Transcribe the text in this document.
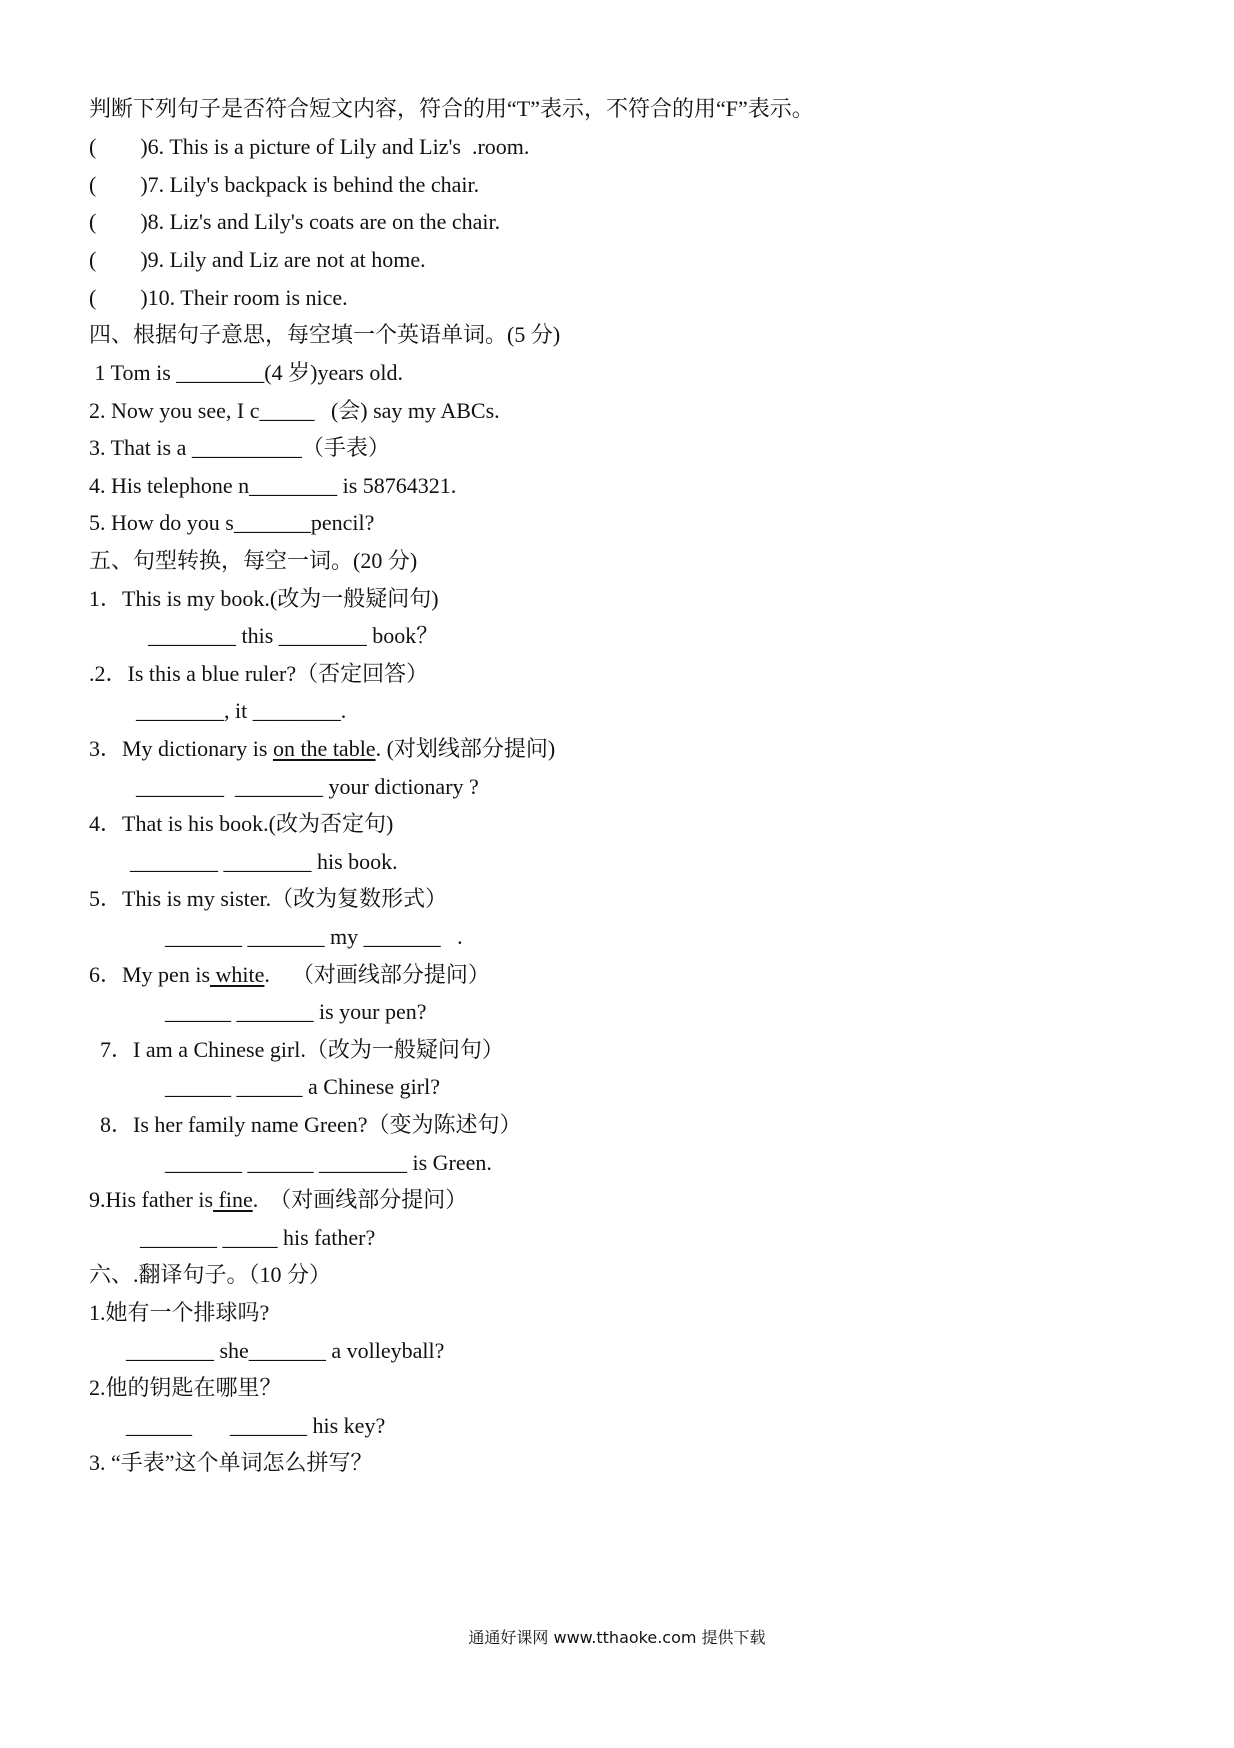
判断下列句子是否符合短文内容，符合的用“T”表示，不符合的用“F”表示。
(        )6. This is a picture of Lily and Liz's  .room.
(        )7. Lily's backpack is behind the chair.
(        )8. Liz's and Lily's coats are on the chair.
(        )9. Lily and Liz are not at home.
(        )10. Their room is nice.
四、根据句子意思，每空填一个英语单词。(5 分)
1 Tom is ________(4 岁)years old.
2. Now you see, I c_____   (会) say my ABCs.
3. That is a __________（手表）
4. His telephone n________ is 58764321.
5. How do you s_______pencil?
五、句型转换，每空一词。(20 分)
1．This is my book.(改为一般疑问句)
________ this ________ book？
.2．Is this a blue ruler?（否定回答）
________, it ________.
3．My dictionary is on the table. (对划线部分提问)
________  ________ your dictionary ?
4．That is his book.(改为否定句)
________ ________ his book.
5．This is my sister.（改为复数形式）
_______ _______ my _______   .
6．My pen is white.    （对画线部分提问）
______ _______ is your pen?
7．I am a Chinese girl.（改为一般疑问句）
______ ______ a Chinese girl?
8．Is her family name Green?（变为陈述句）
_______ ______ ________ is Green.
9.His father is fine.  （对画线部分提问）
_______ _____ his father?
六、.翻译句子。（10 分）
1.她有一个排球吗?
________ she_______ a volleyball?
2.他的钥匙在哪里？
______ _______ his key?
3. “手表”这个单词怎么拼写？
通通好课网 www.tthaoke.com 提供下载
